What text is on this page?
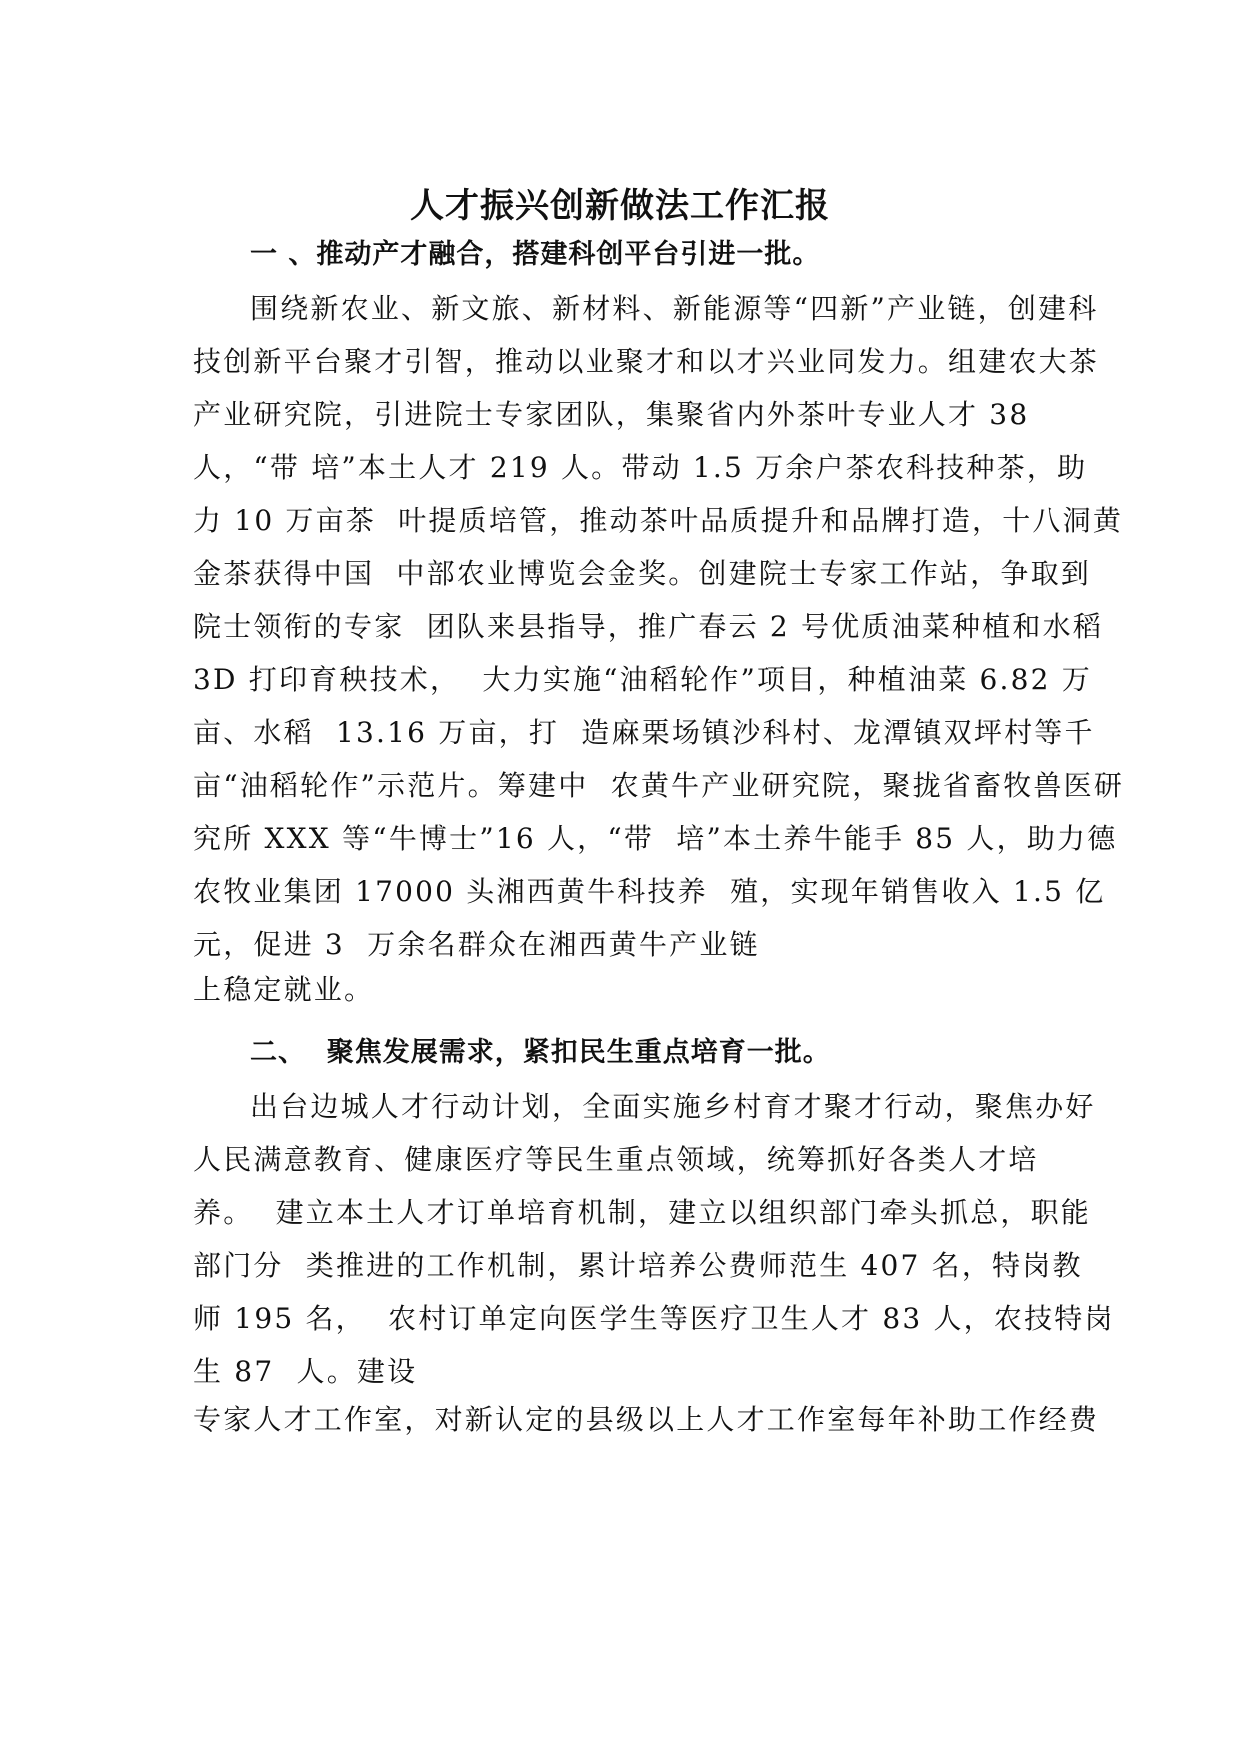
人才振兴创新做法工作汇报
一 、推动产才融合，搭建科创平台引进一批。
围绕新农业、新文旅、新材料、新能源等“四新”产业链，创建科
技创新平台聚才引智，推动以业聚才和以才兴业同发力。组建农大茶
产业研究院，引进院士专家团队，集聚省内外茶叶专业人才 38
人，“带 培”本土人才 219 人。带动 1.5 万余户茶农科技种茶，助
力 10 万亩茶  叶提质培管，推动茶叶品质提升和品牌打造，十八洞黄
金茶获得中国  中部农业博览会金奖。创建院士专家工作站，争取到
院士领衔的专家  团队来县指导，推广春云 2 号优质油菜种植和水稻
3D 打印育秧技术，  大力实施“油稻轮作”项目，种植油菜 6.82 万
亩、水稻  13.16 万亩，打  造麻栗场镇沙科村、龙潭镇双坪村等千
亩“油稻轮作”示范片。筹建中  农黄牛产业研究院，聚拢省畜牧兽医研
究所 XXX 等“牛博士”16 人，“带  培”本土养牛能手 85 人，助力德
农牧业集团 17000 头湘西黄牛科技养  殖，实现年销售收入 1.5 亿
元，促进 3  万余名群众在湘西黄牛产业链
上稳定就业。
二、  聚焦发展需求，紧扣民生重点培育一批。
出台边城人才行动计划，全面实施乡村育才聚才行动，聚焦办好
人民满意教育、健康医疗等民生重点领域，统筹抓好各类人才培
养。  建立本土人才订单培育机制，建立以组织部门牵头抓总，职能
部门分  类推进的工作机制，累计培养公费师范生 407 名，特岗教
师 195 名，  农村订单定向医学生等医疗卫生人才 83 人，农技特岗
生 87  人。建设
专家人才工作室，对新认定的县级以上人才工作室每年补助工作经费
